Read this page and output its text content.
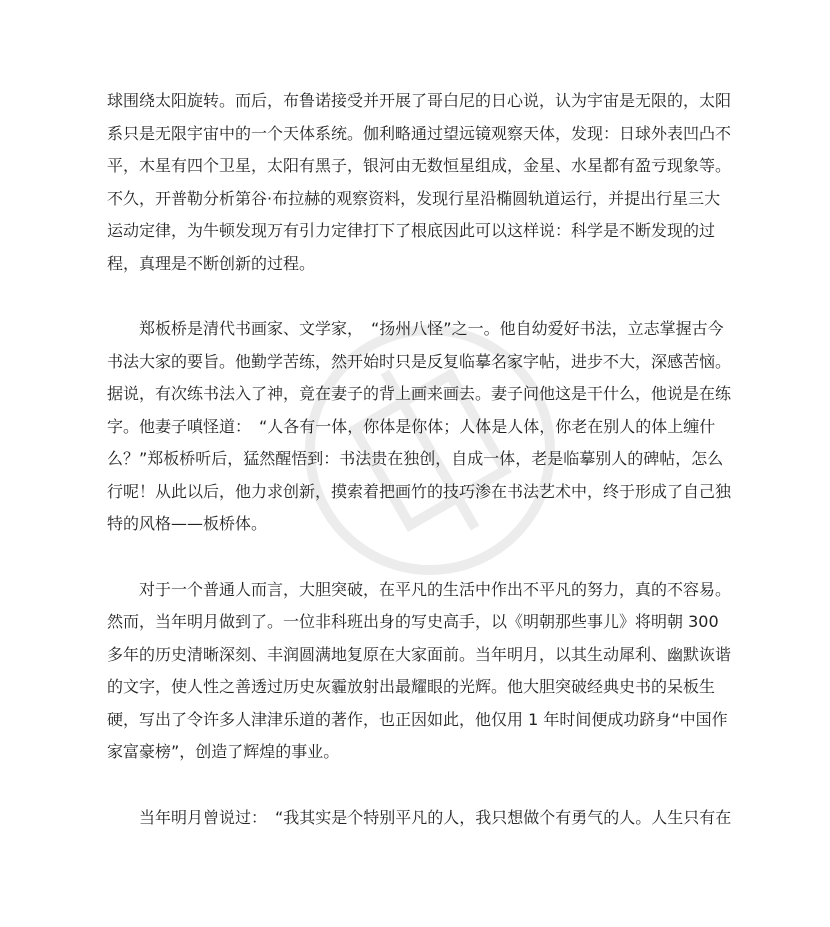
球围绕太阳旋转。而后，布鲁诺接受并开展了哥白尼的日心说，认为宇宙是无限的，太阳
系只是无限宇宙中的一个天体系统。伽利略通过望远镜观察天体，发现：日球外表凹凸不
平，木星有四个卫星，太阳有黑子，银河由无数恒星组成，金星、水星都有盈亏现象等。
不久，开普勒分析第谷·布拉赫的观察资料，发现行星沿椭圆轨道运行，并提出行星三大
运动定律，为牛顿发现万有引力定律打下了根底因此可以这样说：科学是不断发现的过
程，真理是不断创新的过程。

　　郑板桥是清代书画家、文学家，　“扬州八怪”之一。他自幼爱好书法，立志掌握古今
书法大家的要旨。他勤学苦练，然开始时只是反复临摹名家字帖，进步不大，深感苦恼。
据说，有次练书法入了神，竟在妻子的背上画来画去。妻子问他这是干什么，他说是在练
字。他妻子嗔怪道：　“人各有一体，你体是你体；人体是人体，你老在别人的体上缠什
么？”郑板桥听后，猛然醒悟到：书法贵在独创，自成一体，老是临摹别人的碑帖，怎么
行呢！从此以后，他力求创新，摸索着把画竹的技巧渗在书法艺术中，终于形成了自己独
特的风格——板桥体。

　　对于一个普通人而言，大胆突破，在平凡的生活中作出不平凡的努力，真的不容易。
然而，当年明月做到了。一位非科班出身的写史高手，以《明朝那些事儿》将明朝 300
多年的历史清晰深刻、丰润圆满地复原在大家面前。当年明月，以其生动犀利、幽默诙谐
的文字，使人性之善透过历史灰霾放射出最耀眼的光辉。他大胆突破经典史书的呆板生
硬，写出了令许多人津津乐道的著作，也正因如此，他仅用 1 年时间便成功跻身“中国作
家富豪榜”，创造了辉煌的事业。

　　当年明月曾说过：　“我其实是个特别平凡的人，我只想做个有勇气的人。人生只有在
